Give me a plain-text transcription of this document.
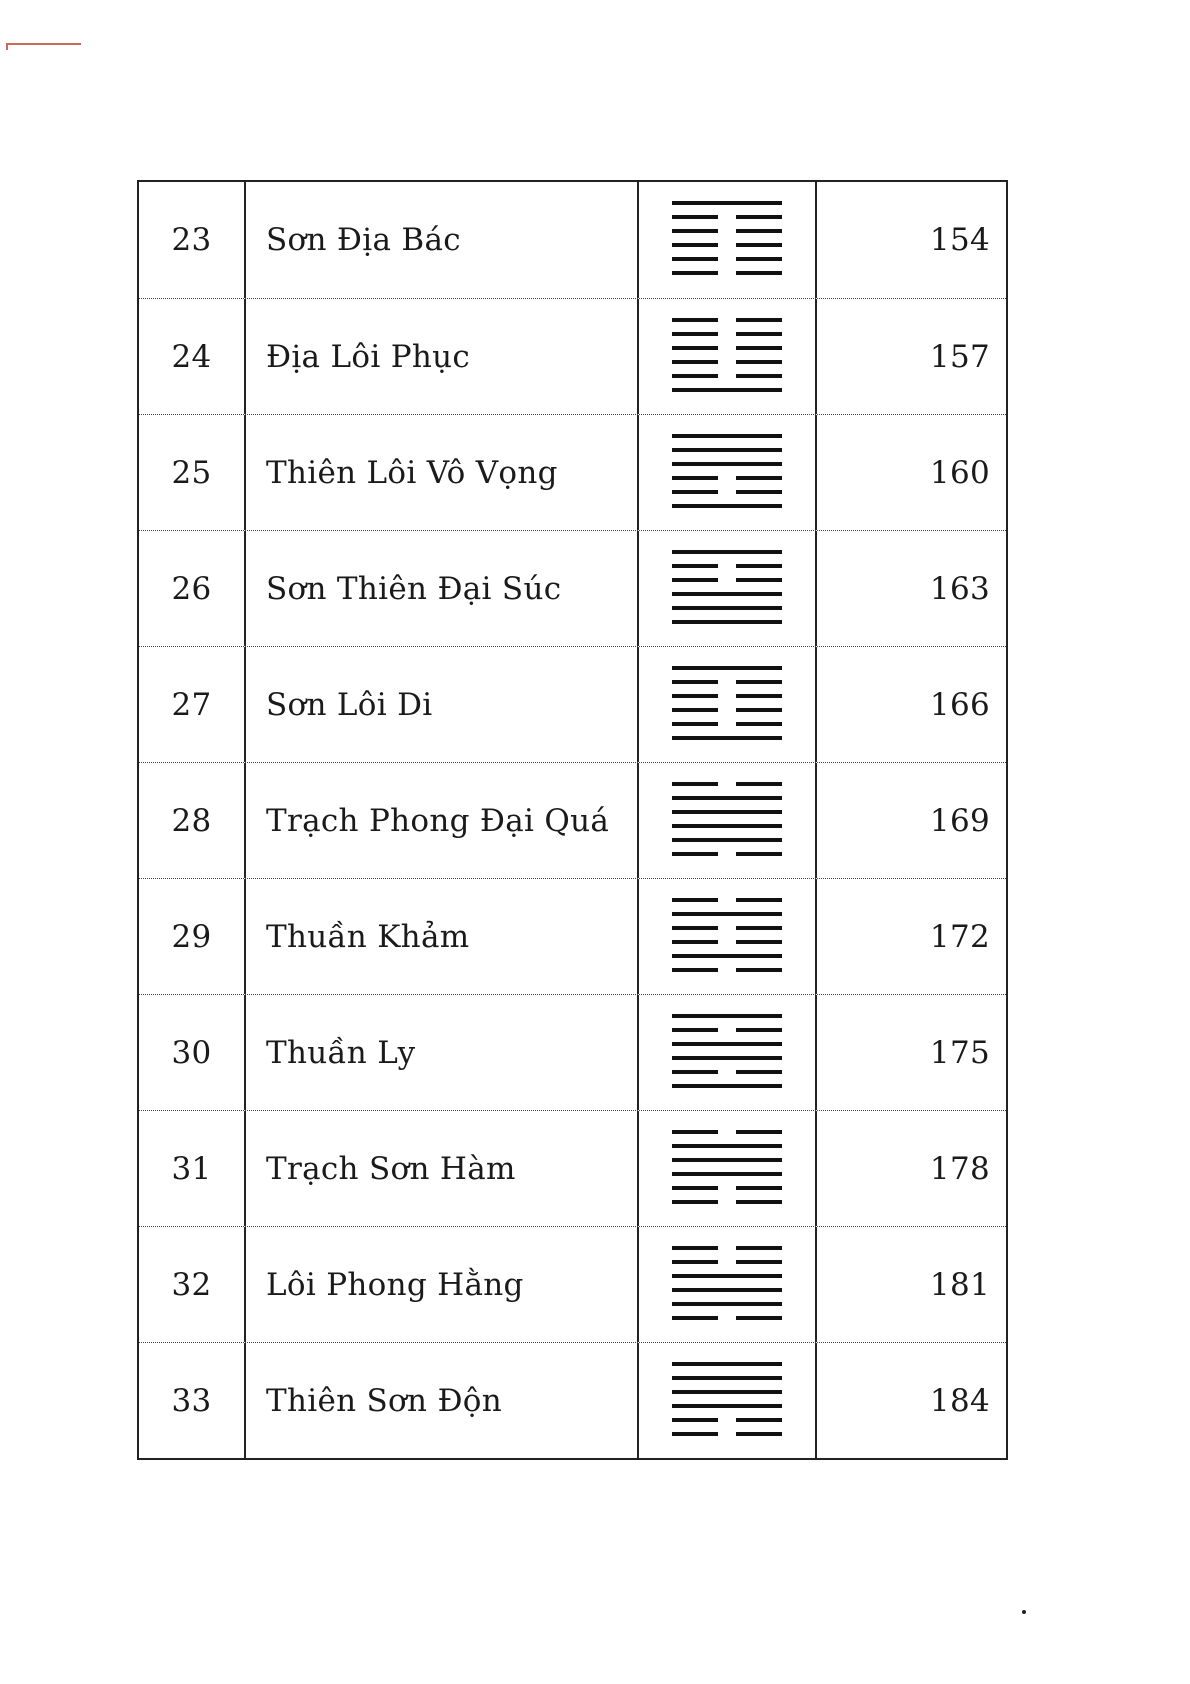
23	Sơn Địa Bác	154
24	Địa Lôi Phục	157
25	Thiên Lôi Vô Vọng	160
26	Sơn Thiên Đại Súc	163
27	Sơn Lôi Di	166
28	Trạch Phong Đại Quá	169
29	Thuần Khảm	172
30	Thuần Ly	175
31	Trạch Sơn Hàm	178
32	Lôi Phong Hằng	181
33	Thiên Sơn Độn	184
